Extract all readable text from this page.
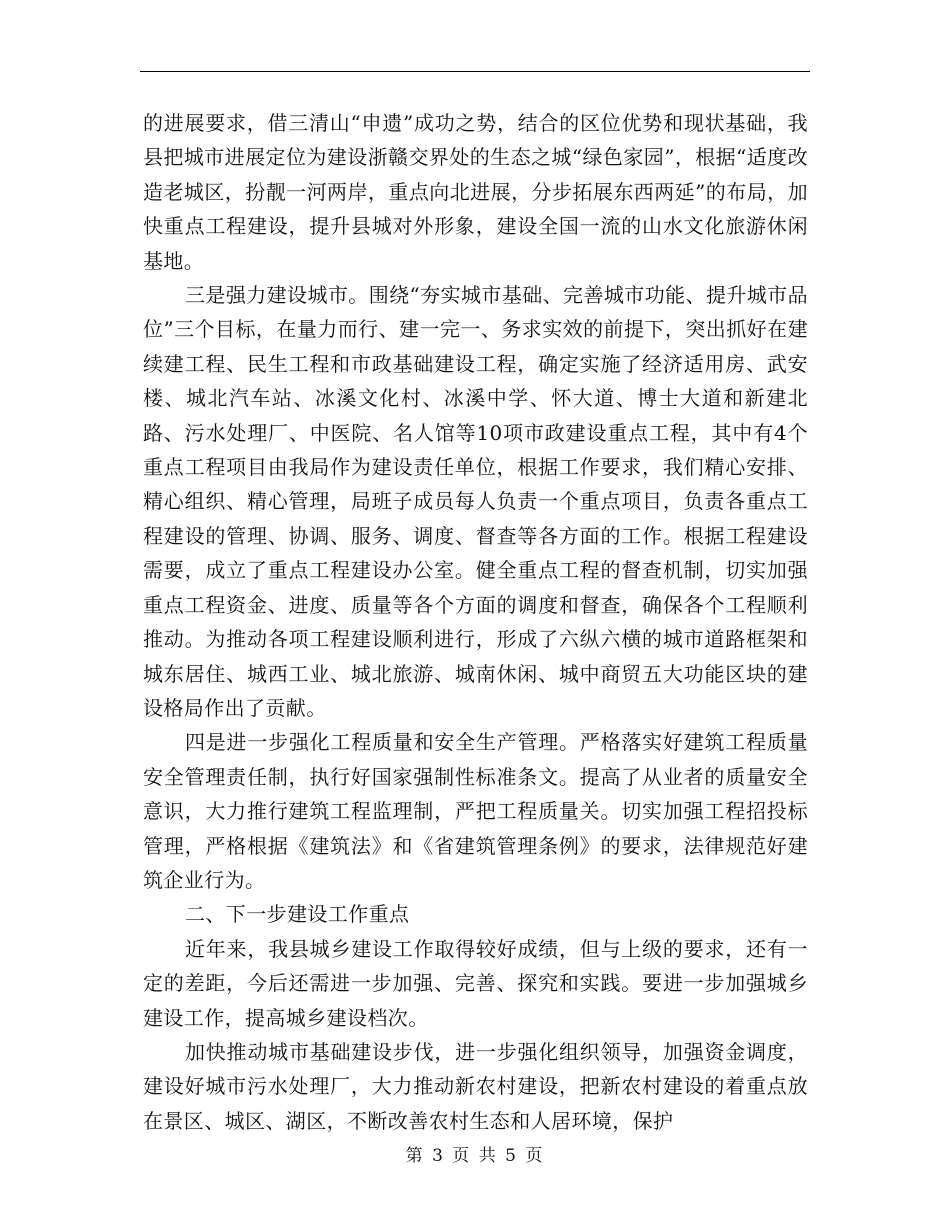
的进展要求，借三清山“申遗”成功之势，结合的区位优势和现状基础，我县把城市进展定位为建设浙赣交界处的生态之城“绿色家园”，根据“适度改造老城区，扮靓一河两岸，重点向北进展，分步拓展东西两延”的布局，加快重点工程建设，提升县城对外形象，建设全国一流的山水文化旅游休闲基地。

三是强力建设城市。围绕“夯实城市基础、完善城市功能、提升城市品位”三个目标，在量力而行、建一完一、务求实效的前提下，突出抓好在建续建工程、民生工程和市政基础建设工程，确定实施了经济适用房、武安楼、城北汽车站、冰溪文化村、冰溪中学、怀大道、博士大道和新建北路、污水处理厂、中医院、名人馆等10项市政建设重点工程，其中有4个重点工程项目由我局作为建设责任单位，根据工作要求，我们精心安排、精心组织、精心管理，局班子成员每人负责一个重点项目，负责各重点工程建设的管理、协调、服务、调度、督查等各方面的工作。根据工程建设需要，成立了重点工程建设办公室。健全重点工程的督查机制，切实加强重点工程资金、进度、质量等各个方面的调度和督查，确保各个工程顺利推动。为推动各项工程建设顺利进行，形成了六纵六横的城市道路框架和城东居住、城西工业、城北旅游、城南休闲、城中商贸五大功能区块的建设格局作出了贡献。

四是进一步强化工程质量和安全生产管理。严格落实好建筑工程质量安全管理责任制，执行好国家强制性标准条文。提高了从业者的质量安全意识，大力推行建筑工程监理制，严把工程质量关。切实加强工程招投标管理，严格根据《建筑法》和《省建筑管理条例》的要求，法律规范好建筑企业行为。

二、下一步建设工作重点

近年来，我县城乡建设工作取得较好成绩，但与上级的要求，还有一定的差距，今后还需进一步加强、完善、探究和实践。要进一步加强城乡建设工作，提高城乡建设档次。

加快推动城市基础建设步伐，进一步强化组织领导，加强资金调度，建设好城市污水处理厂，大力推动新农村建设，把新农村建设的着重点放在景区、城区、湖区，不断改善农村生态和人居环境，保护

第 3 页 共 5 页
